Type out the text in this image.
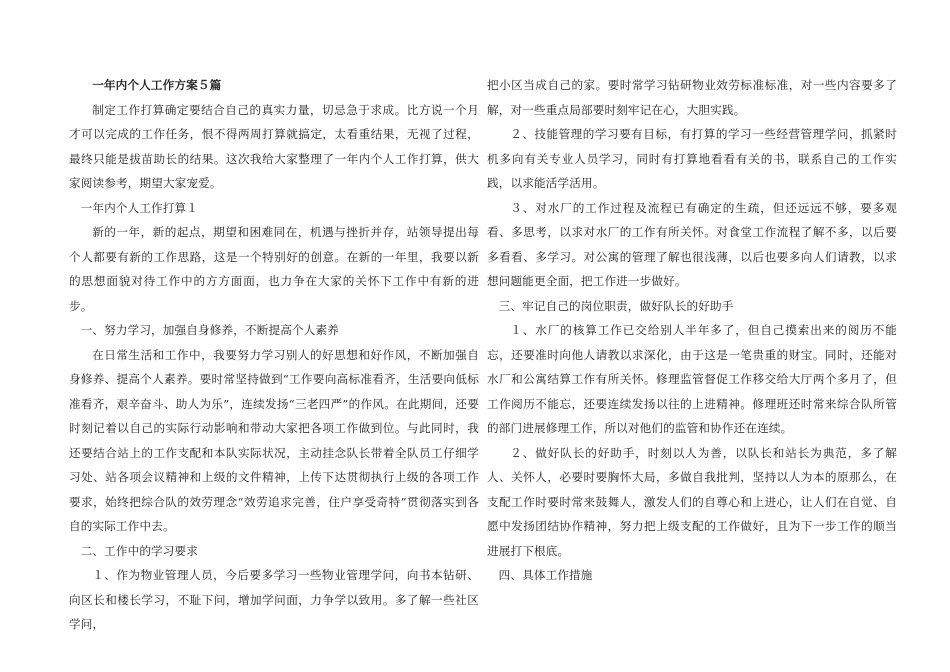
一年内个人工作方案５篇

制定工作打算确定要结合自己的真实力量，切忌急于求成。比方说一个月才可以完成的工作任务，恨不得两周打算就搞定，太看重结果，无视了过程，最终只能是拔苗助长的结果。这次我给大家整理了一年内个人工作打算，供大家阅读参考，期望大家宠爱。

一年内个人工作打算１

新的一年，新的起点，期望和困难同在，机遇与挫折并存，站领导提出每个人都要有新的工作思路，这是一个特别好的创意。在新的一年里，我要以新的思想面貌对待工作中的方方面面，也力争在大家的关怀下工作中有新的进步。

一、努力学习，加强自身修养，不断提高个人素养

在日常生活和工作中，我要努力学习别人的好思想和好作风，不断加强自身修养、提高个人素养。要时常坚持做到“工作要向高标准看齐，生活要向低标准看齐，艰辛奋斗、助人为乐”，连续发扬“三老四严”的作风。在此期间，还要时刻记着以自己的实际行动影响和带动大家把各项工作做到位。与此同时，我还要结合站上的工作支配和本队实际状况，主动挂念队长带着全队员工仔细学习处、站各项会议精神和上级的文件精神，上传下达贯彻执行上级的各项工作要求，始终把综合队的效劳理念“效劳追求完善，住户享受奇特”贯彻落实到各自的实际工作中去。

二、工作中的学习要求

１、作为物业管理人员，今后要多学习一些物业管理学问，向书本钻研、向区长和楼长学习，不耻下问，增加学问面，力争学以致用。多了解一些社区学问，

把小区当成自己的家。要时常学习钻研物业效劳标准标准，对一些内容要多了解，对一些重点局部要时刻牢记在心，大胆实践。

２、技能管理的学习要有目标，有打算的学习一些经营管理学问，抓紧时机多向有关专业人员学习，同时有打算地看看有关的书，联系自己的工作实践，以求能活学活用。

３、对水厂的工作过程及流程已有确定的生疏，但还远远不够，要多观看、多思考，以求对水厂的工作有所关怀。对食堂工作流程了解不多，以后要多看看、多学习。对公寓的管理了解也很浅薄，以后也要多向人们请教，以求想问题能更全面，把工作进一步做好。

三、牢记自己的岗位职责，做好队长的好助手

１、水厂的核算工作已交给别人半年多了，但自己摸索出来的阅历不能忘，还要准时向他人请教以求深化，由于这是一笔贵重的财宝。同时，还能对水厂和公寓结算工作有所关怀。修理监管督促工作移交给大厅两个多月了，但工作阅历不能忘，还要连续发扬以往的上进精神。修理班还时常来综合队所管的部门进展修理工作，所以对他们的监管和协作还在连续。

２、做好队长的好助手，时刻以人为善，以队长和站长为典范，多了解人、关怀人，必要时要胸怀大局，多做自我批判，坚持以人为本的原那么，在支配工作时要时常来鼓舞人，激发人们的自尊心和上进心，让人们在自觉、自愿中发扬团结协作精神，努力把上级支配的工作做好，且为下一步工作的顺当进展打下根底。

四、具体工作措施
